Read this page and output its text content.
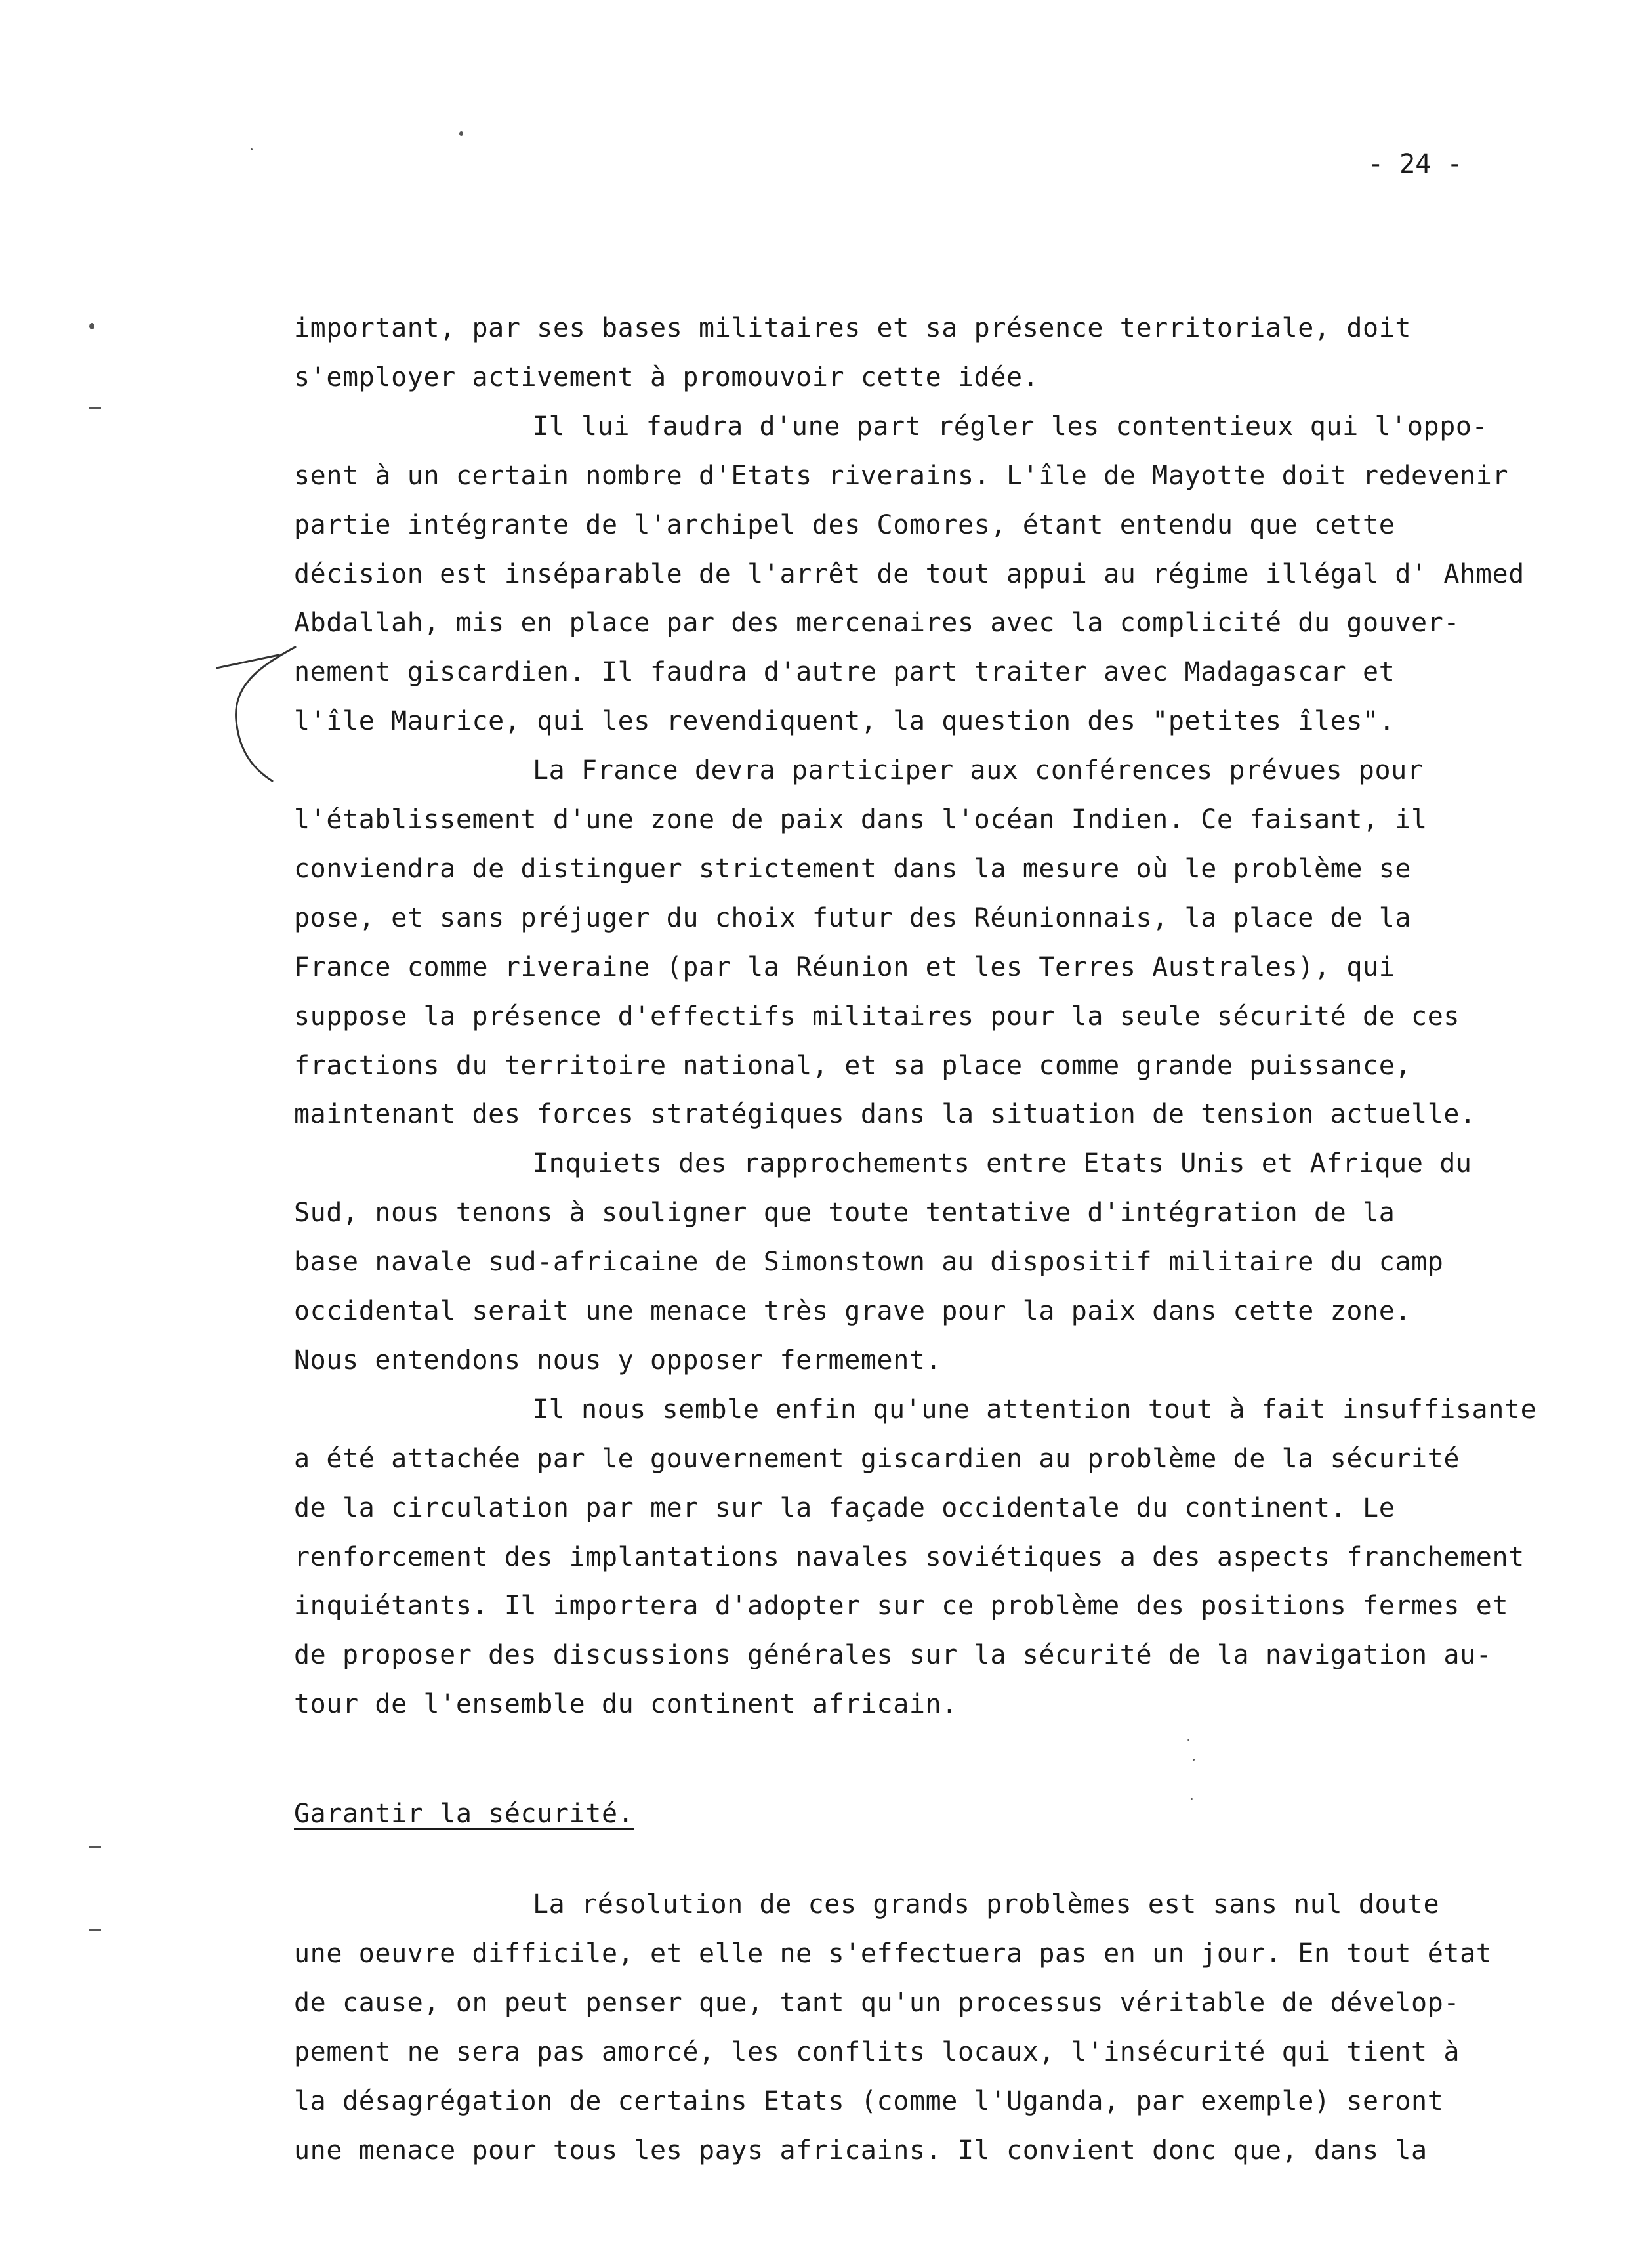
- 24 -
important, par ses bases militaires et sa présence territoriale, doit
s'employer activement à promouvoir cette idée.
Il lui faudra d'une part régler les contentieux qui l'oppo-
sent à un certain nombre d'Etats riverains. L'île de Mayotte doit redevenir
partie intégrante de l'archipel des Comores, étant entendu que cette
décision est inséparable de l'arrêt de tout appui au régime illégal d' Ahmed
Abdallah, mis en place par des mercenaires avec la complicité du gouver-
nement giscardien. Il faudra d'autre part traiter avec Madagascar et
l'île Maurice, qui les revendiquent, la question des "petites îles".
La France devra participer aux conférences prévues pour
l'établissement d'une zone de paix dans l'océan Indien. Ce faisant, il
conviendra de distinguer strictement dans la mesure où le problème se
pose, et sans préjuger du choix futur des Réunionnais, la place de la
France comme riveraine (par la Réunion et les Terres Australes), qui
suppose la présence d'effectifs militaires pour la seule sécurité de ces
fractions du territoire national, et sa place comme grande puissance,
maintenant des forces stratégiques dans la situation de tension actuelle.
Inquiets des rapprochements entre Etats Unis et Afrique du
Sud, nous tenons à souligner que toute tentative d'intégration de la
base navale sud-africaine de Simonstown au dispositif militaire du camp
occidental serait une menace très grave pour la paix dans cette zone.
Nous entendons nous y opposer fermement.
Il nous semble enfin qu'une attention tout à fait insuffisante
a été attachée par le gouvernement giscardien au problème de la sécurité
de la circulation par mer sur la façade occidentale du continent. Le
renforcement des implantations navales soviétiques a des aspects franchement
inquiétants. Il importera d'adopter sur ce problème des positions fermes et
de proposer des discussions générales sur la sécurité de la navigation au-
tour de l'ensemble du continent africain.
Garantir la sécurité.
La résolution de ces grands problèmes est sans nul doute
une oeuvre difficile, et elle ne s'effectuera pas en un jour. En tout état
de cause, on peut penser que, tant qu'un processus véritable de dévelop-
pement ne sera pas amorcé, les conflits locaux, l'insécurité qui tient à
la désagrégation de certains Etats (comme l'Uganda, par exemple) seront
une menace pour tous les pays africains. Il convient donc que, dans la
